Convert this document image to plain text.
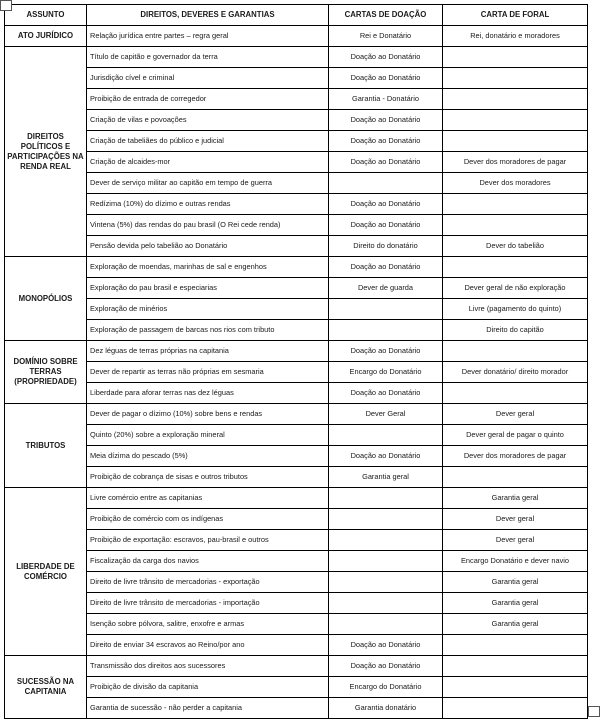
ASSUNTO	DIREITOS, DEVERES E GARANTIAS	CARTAS DE DOAÇÃO	CARTA DE FORAL
ATO JURÍDICO	Relação jurídica entre partes – regra geral	Rei e Donatário	Rei, donatário e moradores
DIREITOS POLÍTICOS E PARTICIPAÇÕES NA RENDA REAL	Título de capitão e governador da terra	Doação ao Donatário	
	Jurisdição cível e criminal	Doação ao Donatário	
	Proibição de entrada de corregedor	Garantia - Donatário	
	Criação de vilas e povoações	Doação ao Donatário	
	Criação de tabeliães do público e judicial	Doação ao Donatário	
	Criação de alcaides-mor	Doação ao Donatário	Dever dos moradores de pagar
	Dever de serviço militar ao capitão em tempo de guerra		Dever dos moradores
	Redízima (10%) do dízimo e outras rendas	Doação ao Donatário	
	Vintena (5%) das rendas do pau brasil (O Rei cede renda)	Doação ao Donatário	
	Pensão devida pelo tabelião ao Donatário	Direito do donatário	Dever do tabelião
MONOPÓLIOS	Exploração de moendas, marinhas de sal e engenhos	Doação ao Donatário	
	Exploração do pau brasil e especiarias	Dever de guarda	Dever geral de não exploração
	Exploração de minérios		Livre (pagamento do quinto)
	Exploração de passagem de barcas nos rios com tributo		Direito do capitão
DOMÍNIO SOBRE TERRAS (PROPRIEDADE)	Dez léguas de terras próprias na capitania	Doação ao Donatário	
	Dever de repartir as terras não próprias em sesmaria	Encargo do Donatário	Dever donatário/ direito morador
	Liberdade para aforar terras nas dez léguas	Doação ao Donatário	
TRIBUTOS	Dever de pagar o dízimo (10%) sobre bens e rendas	Dever Geral	Dever geral
	Quinto (20%) sobre a exploração mineral		Dever geral de pagar o quinto
	Meia dízima do pescado (5%)	Doação ao Donatário	Dever dos moradores de pagar
	Proibição de cobrança de sisas e outros tributos	Garantia geral	
LIBERDADE DE COMÉRCIO	Livre comércio entre as capitanias		Garantia geral
	Proibição de comércio com os indígenas		Dever geral
	Proibição de exportação: escravos, pau-brasil e outros		Dever geral
	Fiscalização da carga dos navios		Encargo Donatário e dever navio
	Direito de livre trânsito de mercadorias - exportação		Garantia geral
	Direito de livre trânsito de mercadorias - importação		Garantia geral
	Isenção sobre pólvora, salitre, enxofre e armas		Garantia geral
	Direito de enviar 34 escravos ao Reino/por ano	Doação ao Donatário	
SUCESSÃO NA CAPITANIA	Transmissão dos direitos aos sucessores	Doação ao Donatário	
	Proibição de divisão da capitania	Encargo do Donatário	
	Garantia de sucessão - não perder a capitania	Garantia donatário	
